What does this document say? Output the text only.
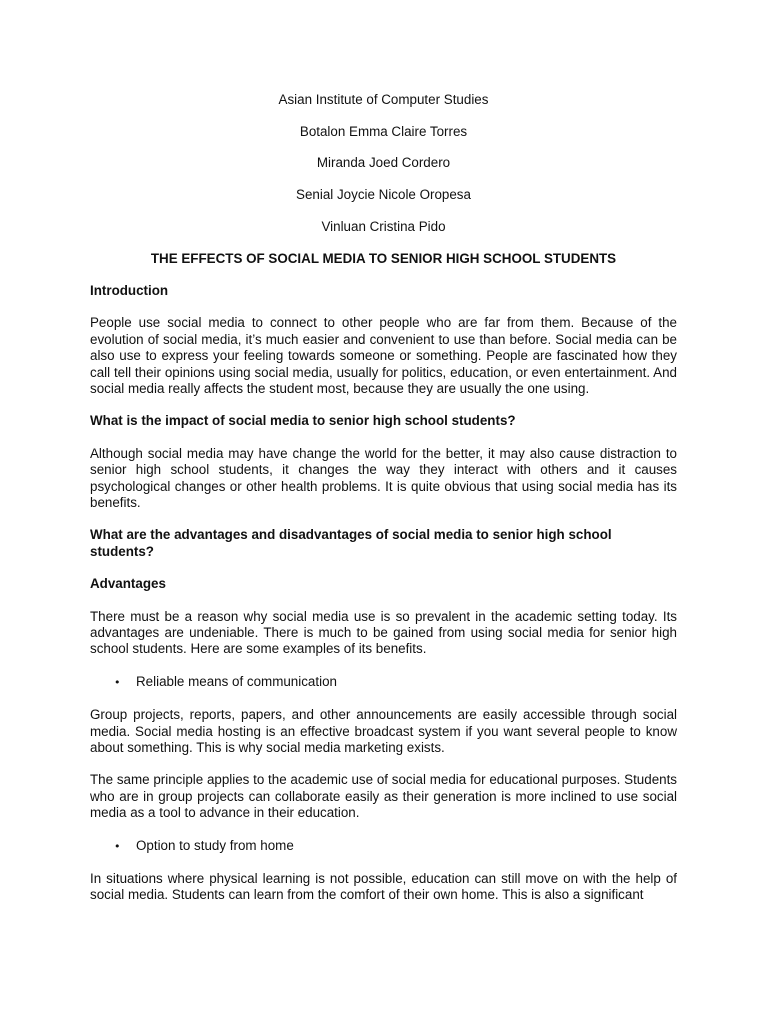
Asian Institute of Computer Studies
Botalon Emma Claire Torres
Miranda Joed Cordero
Senial Joycie Nicole Oropesa
Vinluan Cristina Pido
THE EFFECTS OF SOCIAL MEDIA TO SENIOR HIGH SCHOOL STUDENTS
Introduction
People use social media to connect to other people who are far from them. Because of the evolution of social media, it’s much easier and convenient to use than before. Social media can be also use to express your feeling towards someone or something. People are fascinated how they call tell their opinions using social media, usually for politics, education, or even entertainment. And social media really affects the student most, because they are usually the one using.
What is the impact of social media to senior high school students?
Although social media may have change the world for the better, it may also cause distraction to senior high school students, it changes the way they interact with others and it causes psychological changes or other health problems. It is quite obvious that using social media has its benefits.
What are the advantages and disadvantages of social media to senior high school students?
Advantages
There must be a reason why social media use is so prevalent in the academic setting today. Its advantages are undeniable. There is much to be gained from using social media for senior high school students. Here are some examples of its benefits.
•
Reliable means of communication
Group projects, reports, papers, and other announcements are easily accessible through social media. Social media hosting is an effective broadcast system if you want several people to know about something. This is why social media marketing exists.
The same principle applies to the academic use of social media for educational purposes. Students who are in group projects can collaborate easily as their generation is more inclined to use social media as a tool to advance in their education.
•
Option to study from home
In situations where physical learning is not possible, education can still move on with the help of social media. Students can learn from the comfort of their own home. This is also a significant
